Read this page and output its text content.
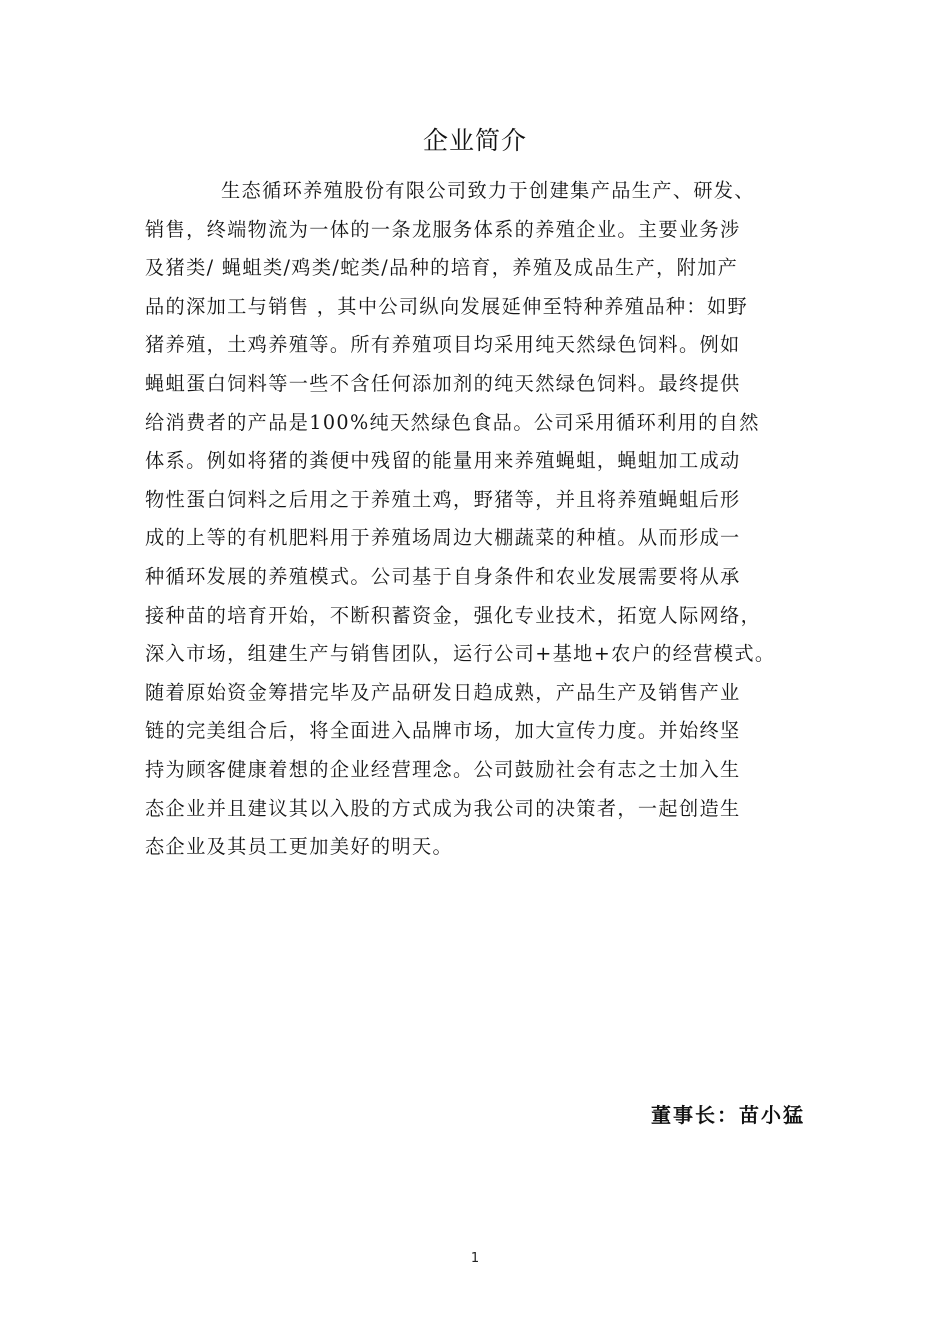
企业简介
生态循环养殖股份有限公司致力于创建集产品生产、研发、
销售，终端物流为一体的一条龙服务体系的养殖企业。主要业务涉
及猪类/ 蝇蛆类/鸡类/蛇类/品种的培育，养殖及成品生产，附加产
品的深加工与销售 ，其中公司纵向发展延伸至特种养殖品种：如野
猪养殖，土鸡养殖等。所有养殖项目均采用纯天然绿色饲料。例如
蝇蛆蛋白饲料等一些不含任何添加剂的纯天然绿色饲料。最终提供
给消费者的产品是100%纯天然绿色食品。公司采用循环利用的自然
体系。例如将猪的粪便中残留的能量用来养殖蝇蛆，蝇蛆加工成动
物性蛋白饲料之后用之于养殖土鸡，野猪等，并且将养殖蝇蛆后形
成的上等的有机肥料用于养殖场周边大棚蔬菜的种植。从而形成一
种循环发展的养殖模式。公司基于自身条件和农业发展需要将从承
接种苗的培育开始，不断积蓄资金，强化专业技术，拓宽人际网络，
深入市场，组建生产与销售团队，运行公司+基地+农户的经营模式。
随着原始资金筹措完毕及产品研发日趋成熟，产品生产及销售产业
链的完美组合后，将全面进入品牌市场，加大宣传力度。并始终坚
持为顾客健康着想的企业经营理念。公司鼓励社会有志之士加入生
态企业并且建议其以入股的方式成为我公司的决策者，一起创造生
态企业及其员工更加美好的明天。
董事长：苗小猛
1
